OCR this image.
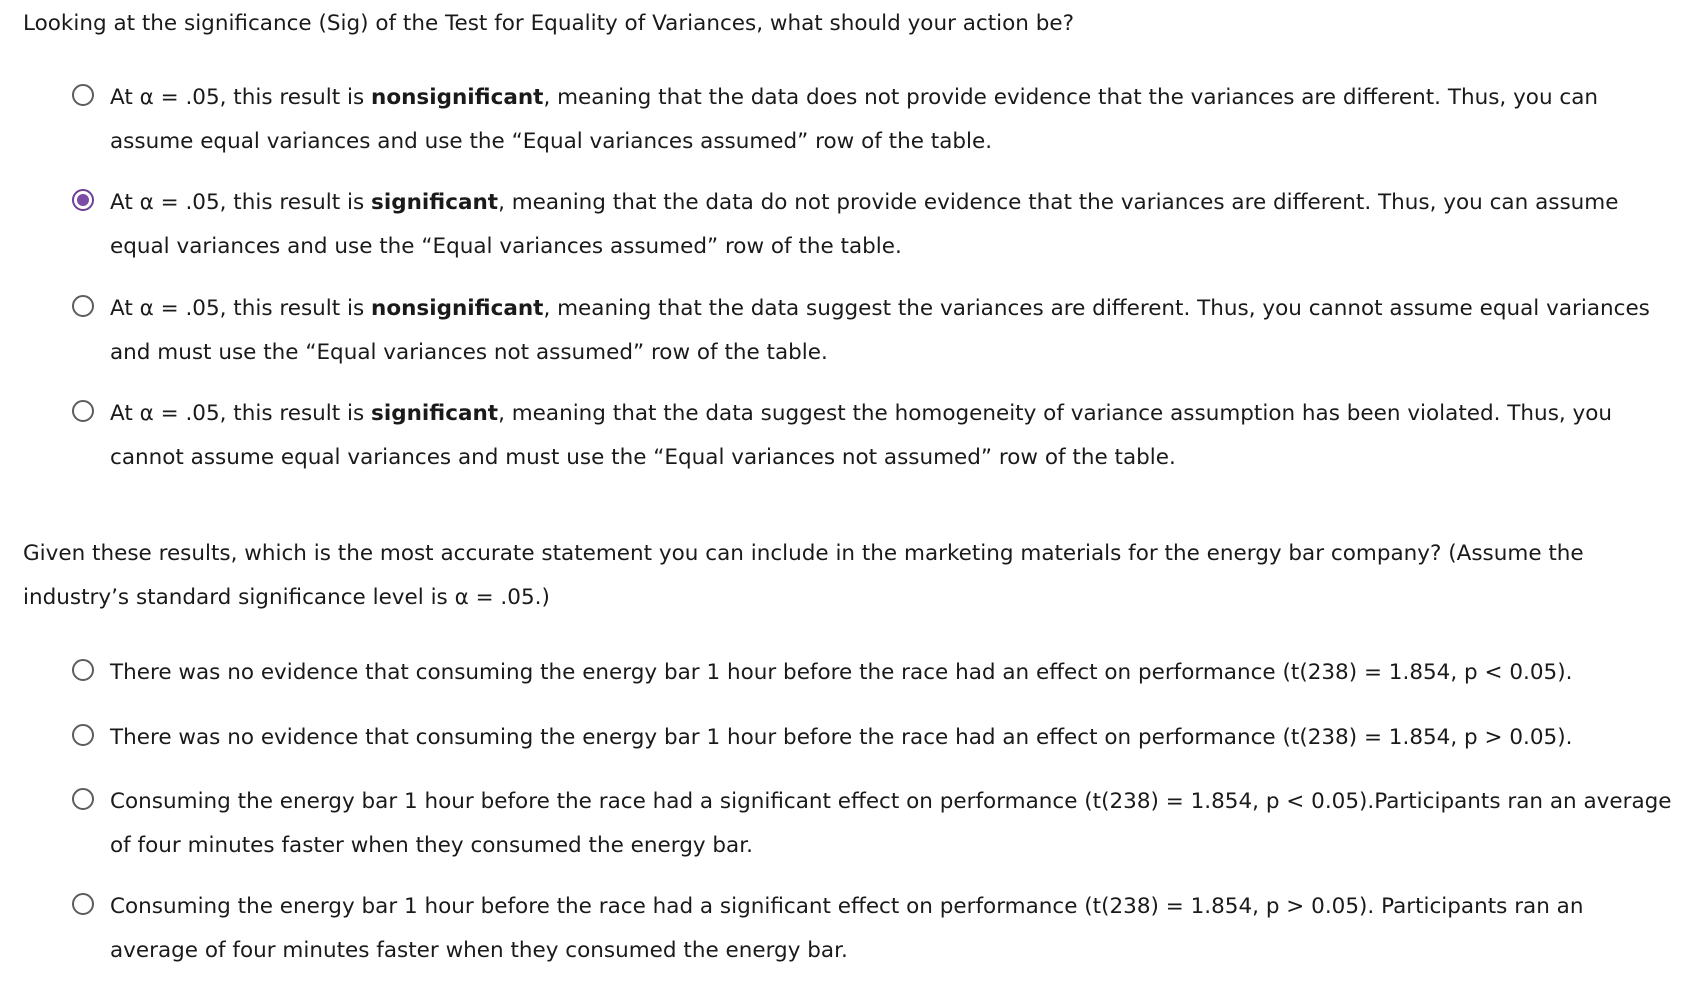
Looking at the significance (Sig) of the Test for Equality of Variances, what should your action be?

At α = .05, this result is nonsignificant, meaning that the data does not provide evidence that the variances are different. Thus, you can assume equal variances and use the “Equal variances assumed” row of the table.
At α = .05, this result is significant, meaning that the data do not provide evidence that the variances are different. Thus, you can assume equal variances and use the “Equal variances assumed” row of the table.
At α = .05, this result is nonsignificant, meaning that the data suggest the variances are different. Thus, you cannot assume equal variances and must use the “Equal variances not assumed” row of the table.
At α = .05, this result is significant, meaning that the data suggest the homogeneity of variance assumption has been violated. Thus, you cannot assume equal variances and must use the “Equal variances not assumed” row of the table.

Given these results, which is the most accurate statement you can include in the marketing materials for the energy bar company? (Assume the industry’s standard significance level is α = .05.)

There was no evidence that consuming the energy bar 1 hour before the race had an effect on performance (t(238) = 1.854, p < 0.05).
There was no evidence that consuming the energy bar 1 hour before the race had an effect on performance (t(238) = 1.854, p > 0.05).
Consuming the energy bar 1 hour before the race had a significant effect on performance (t(238) = 1.854, p < 0.05).Participants ran an average of four minutes faster when they consumed the energy bar.
Consuming the energy bar 1 hour before the race had a significant effect on performance (t(238) = 1.854, p > 0.05). Participants ran an average of four minutes faster when they consumed the energy bar.
